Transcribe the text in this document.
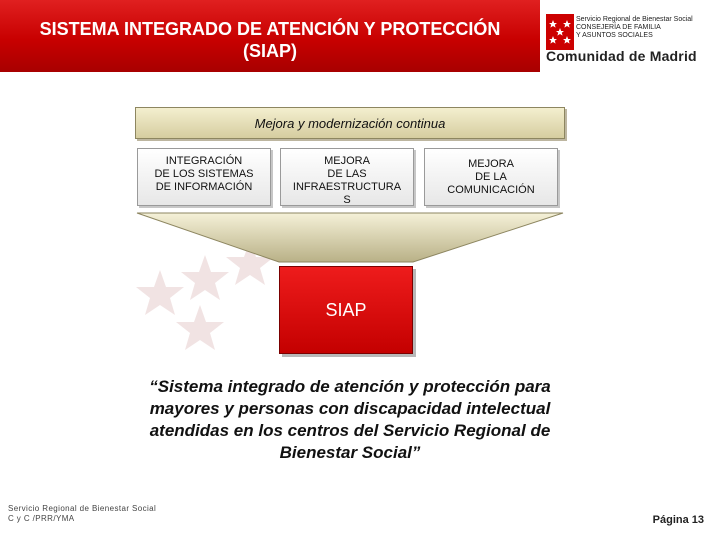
SISTEMA INTEGRADO DE ATENCIÓN Y PROTECCIÓN
(SIAP)
Servicio Regional de Bienestar Social
CONSEJERÍA DE FAMILIA
Y ASUNTOS SOCIALES
Comunidad de Madrid
Mejora y modernización continua
INTEGRACIÓN
DE LOS SISTEMAS
DE INFORMACIÓN
MEJORA
DE LAS
INFRAESTRUCTURA
S
MEJORA
DE LA
COMUNICACIÓN
SIAP

“Sistema integrado de atención y protección para
mayores y personas con discapacidad intelectual
atendidas en los centros del Servicio Regional de
Bienestar Social”

Servicio Regional de Bienestar Social
C y C /PRR/YMA	Página 13
